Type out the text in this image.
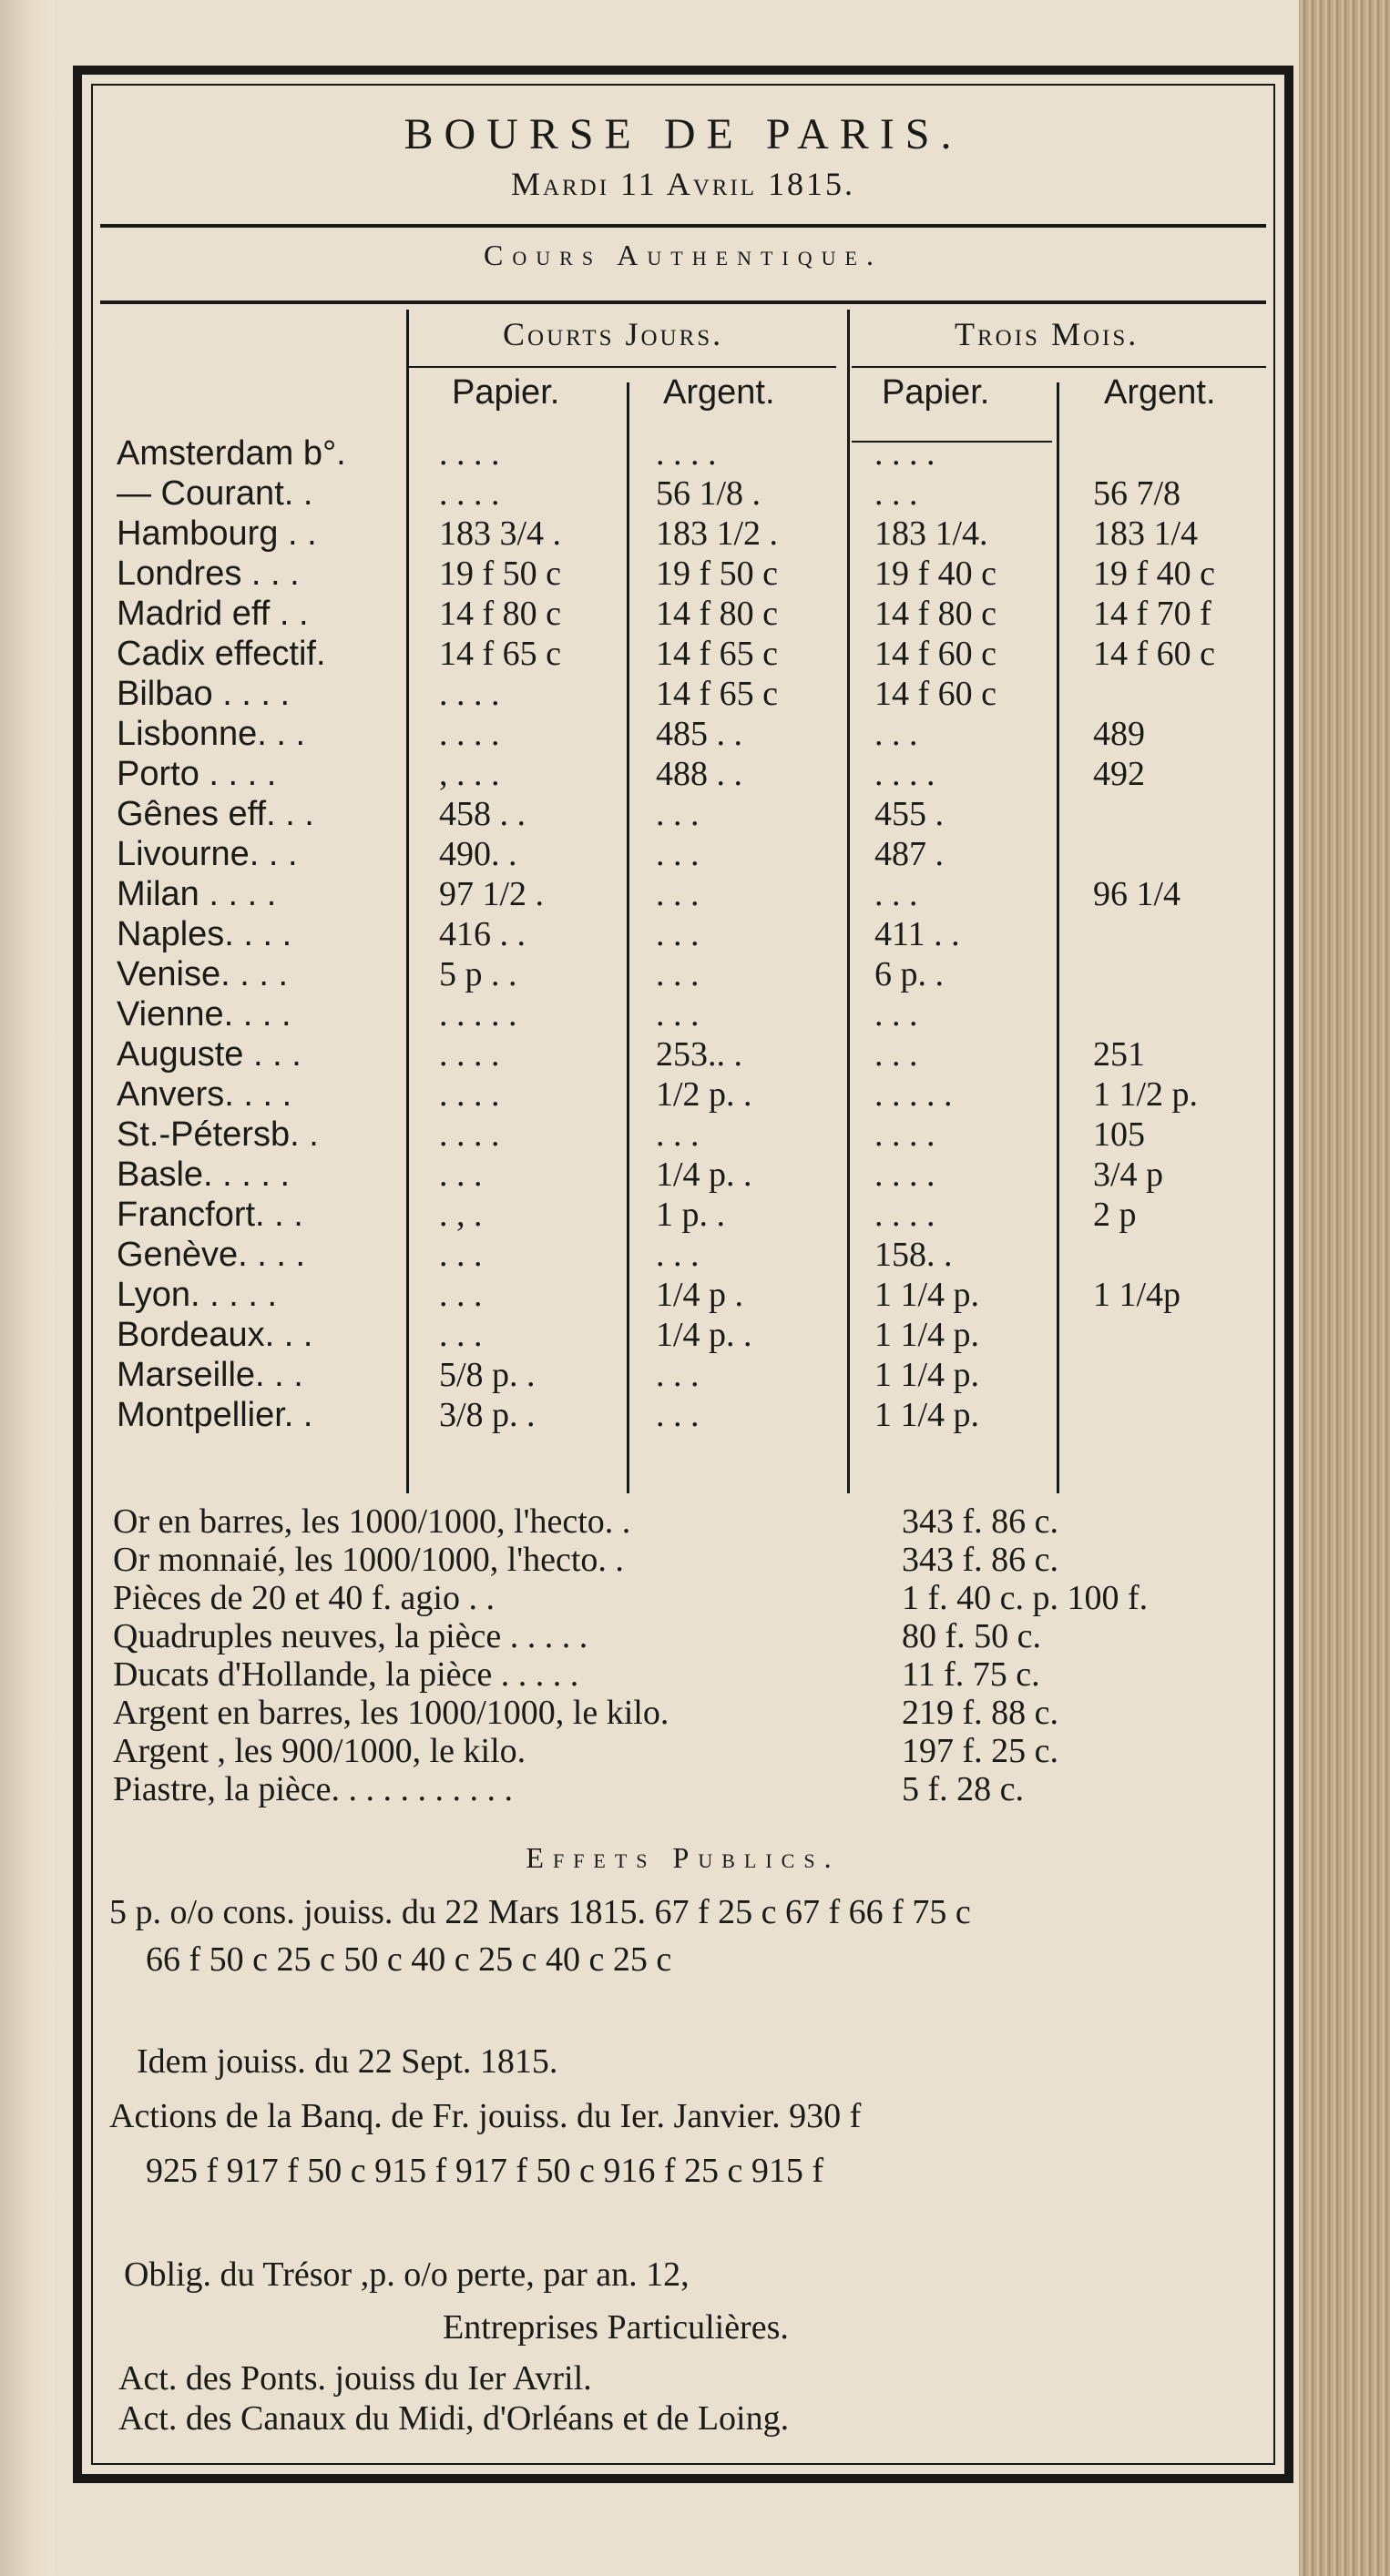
BOURSE DE PARIS.
Mardi 11 Avril 1815.
Cours Authentique.
Courts Jours.	Trois Mois.
Papier.	Argent.	Papier.	Argent.
Amsterdam b°.	. . . .	. . . .	. . . .
— Courant. .	. . . .	56 1/8 .	. . .	56 7/8
Hambourg . .	183 3/4 .	183 1/2 .	183 1/4.	183 1/4
Londres . . .	19 f 50 c	19 f 50 c	19 f 40 c	19 f 40 c
Madrid eff . .	14 f 80 c	14 f 80 c	14 f 80 c	14 f 70 f
Cadix effectif.	14 f 65 c	14 f 65 c	14 f 60 c	14 f 60 c
Bilbao . . . .	. . . .	14 f 65 c	14 f 60 c
Lisbonne. . .	. . . .	485 . .	. . .	489
Porto . . . .	, . . .	488 . .	. . . .	492
Gênes eff. . .	458 . .	. . .	455 .
Livourne. . .	490. .	. . .	487 .
Milan . . . .	97 1/2 .	. . .	. . .	96 1/4
Naples. . . .	416 . .	. . .	411 . .
Venise. . . .	5 p . .	. . .	6 p. .
Vienne. . . .	. . . . .	. . .	. . .
Auguste . . .	. . . .	253.. .	. . .	251
Anvers. . . .	. . . .	1/2 p. .	. . . . .	1 1/2 p.
St.-Pétersb. .	. . . .	. . .	. . . .	105
Basle. . . . .	. . .	1/4 p. .	. . . .	3/4 p
Francfort. . .	. , .	1 p. .	. . . .	2 p
Genève. . . .	. . .	. . .	158. .
Lyon. . . . .	. . .	1/4 p .	1 1/4 p.	1 1/4p
Bordeaux. . .	. . .	1/4 p. .	1 1/4 p.
Marseille. . .	5/8 p. .	. . .	1 1/4 p.
Montpellier. .	3/8 p. .	. . .	1 1/4 p.
Or en barres, les 1000/1000, l'hecto. .	343 f. 86 c.
Or monnaié, les 1000/1000, l'hecto. .	343 f. 86 c.
Pièces de 20 et 40 f. agio . .	1 f. 40 c. p. 100 f.
Quadruples neuves, la pièce . . . . .	80 f. 50 c.
Ducats d'Hollande, la pièce . . . . .	11 f. 75 c.
Argent en barres, les 1000/1000, le kilo.	219 f. 88 c.
Argent , les 900/1000, le kilo.	197 f. 25 c.
Piastre, la pièce. . . . . . . . . . .	5 f. 28 c.
Effets Publics.
5 p. o/o cons. jouiss. du 22 Mars 1815. 67 f 25 c 67 f 66 f 75 c
66 f 50 c 25 c 50 c 40 c 25 c 40 c 25 c
Idem jouiss. du 22 Sept. 1815.
Actions de la Banq. de Fr. jouiss. du Ier. Janvier. 930 f
925 f 917 f 50 c 915 f 917 f 50 c 916 f 25 c 915 f
Oblig. du Trésor ,p. o/o perte, par an. 12,
Entreprises Particulières.
Act. des Ponts. jouiss du Ier Avril.
Act. des Canaux du Midi, d'Orléans et de Loing.
